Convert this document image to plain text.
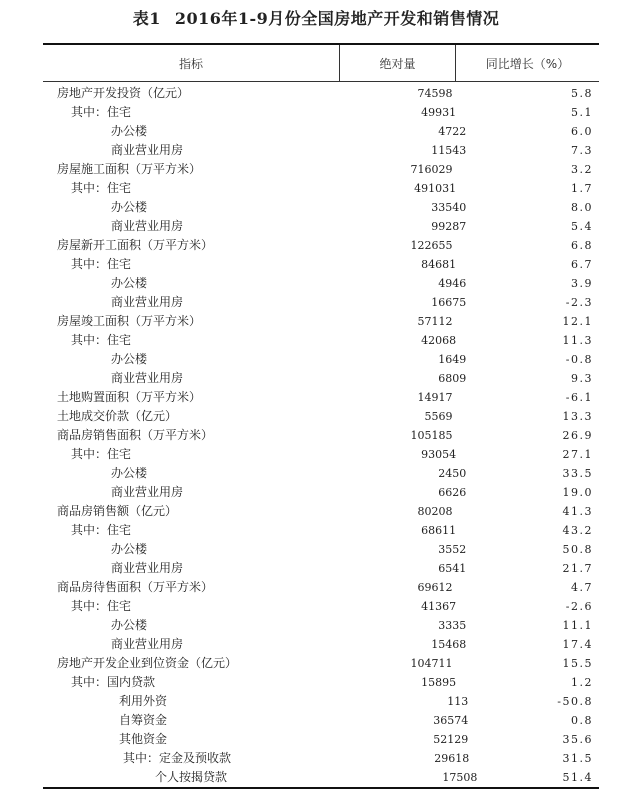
表1 2016年1-9月份全国房地产开发和销售情况
指标	绝对量	同比增长（%）
房地产开发投资（亿元）	74598	5.8
其中：住宅	49931	5.1
办公楼	4722	6.0
商业营业用房	11543	7.3
房屋施工面积（万平方米）	716029	3.2
其中：住宅	491031	1.7
办公楼	33540	8.0
商业营业用房	99287	5.4
房屋新开工面积（万平方米）	122655	6.8
其中：住宅	84681	6.7
办公楼	4946	3.9
商业营业用房	16675	-2.3
房屋竣工面积（万平方米）	57112	12.1
其中：住宅	42068	11.3
办公楼	1649	-0.8
商业营业用房	6809	9.3
土地购置面积（万平方米）	14917	-6.1
土地成交价款（亿元）	5569	13.3
商品房销售面积（万平方米）	105185	26.9
其中：住宅	93054	27.1
办公楼	2450	33.5
商业营业用房	6626	19.0
商品房销售额（亿元）	80208	41.3
其中：住宅	68611	43.2
办公楼	3552	50.8
商业营业用房	6541	21.7
商品房待售面积（万平方米）	69612	4.7
其中：住宅	41367	-2.6
办公楼	3335	11.1
商业营业用房	15468	17.4
房地产开发企业到位资金（亿元）	104711	15.5
其中：国内贷款	15895	1.2
利用外资	113	-50.8
自筹资金	36574	0.8
其他资金	52129	35.6
其中：定金及预收款	29618	31.5
个人按揭贷款	17508	51.4
